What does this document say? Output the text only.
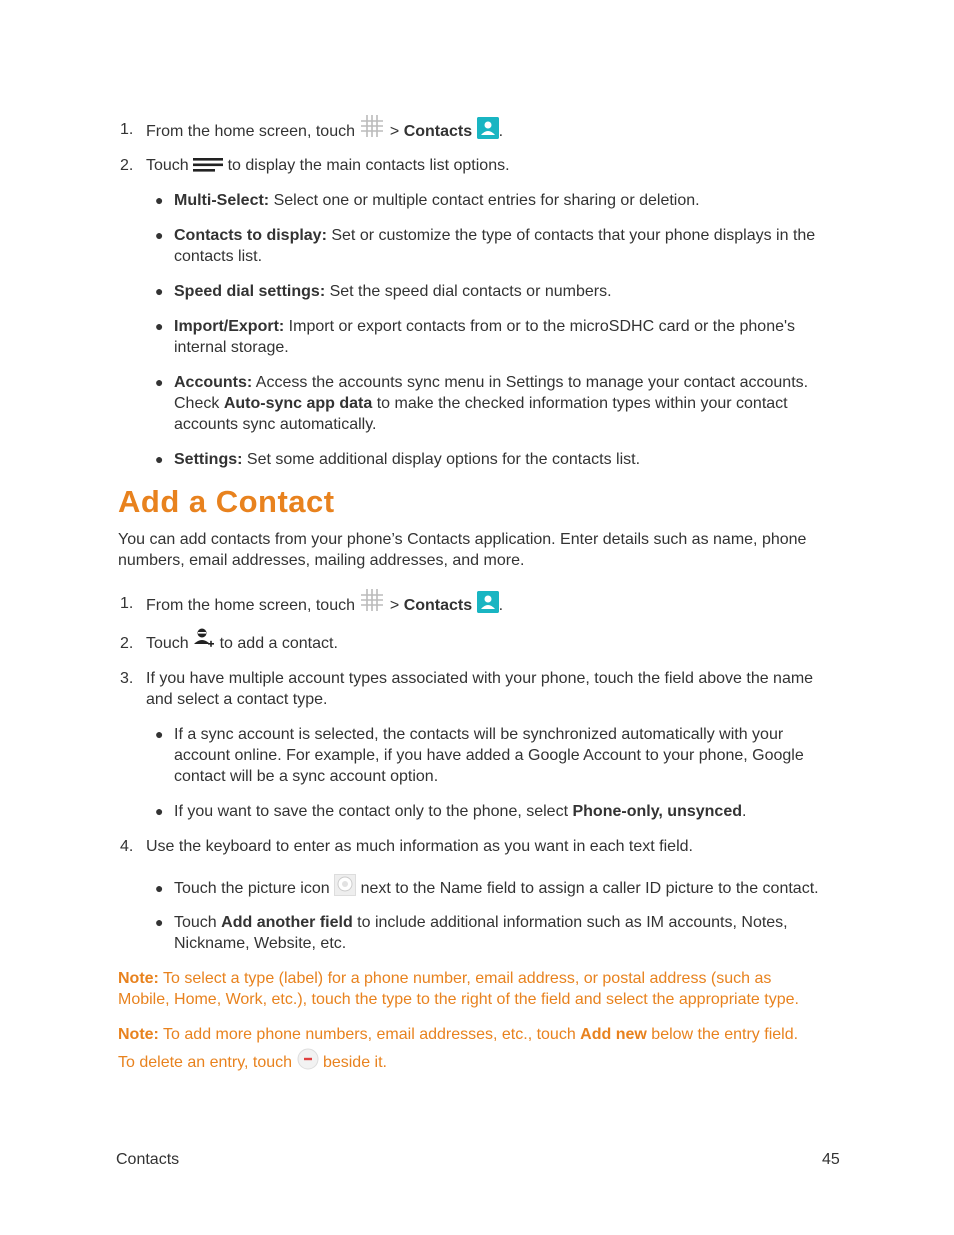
1. From the home screen, touch > Contacts .
2. Touch to display the main contacts list options.
● Multi-Select: Select one or multiple contact entries for sharing or deletion.
● Contacts to display: Set or customize the type of contacts that your phone displays in the
contacts list.
● Speed dial settings: Set the speed dial contacts or numbers.
● Import/Export: Import or export contacts from or to the microSDHC card or the phone's
internal storage.
● Accounts: Access the accounts sync menu in Settings to manage your contact accounts.
Check Auto-sync app data to make the checked information types within your contact
accounts sync automatically.
● Settings: Set some additional display options for the contacts list.
Add a Contact
You can add contacts from your phone’s Contacts application. Enter details such as name, phone
numbers, email addresses, mailing addresses, and more.
1. From the home screen, touch > Contacts .
2. Touch to add a contact.
3. If you have multiple account types associated with your phone, touch the field above the name
and select a contact type.
● If a sync account is selected, the contacts will be synchronized automatically with your
account online. For example, if you have added a Google Account to your phone, Google
contact will be a sync account option.
● If you want to save the contact only to the phone, select Phone-only, unsynced.
4. Use the keyboard to enter as much information as you want in each text field.
● Touch the picture icon next to the Name field to assign a caller ID picture to the contact.
● Touch Add another field to include additional information such as IM accounts, Notes,
Nickname, Website, etc.
Note: To select a type (label) for a phone number, email address, or postal address (such as
Mobile, Home, Work, etc.), touch the type to the right of the field and select the appropriate type.
Note: To add more phone numbers, email addresses, etc., touch Add new below the entry field.
To delete an entry, touch beside it.
Contacts	45
